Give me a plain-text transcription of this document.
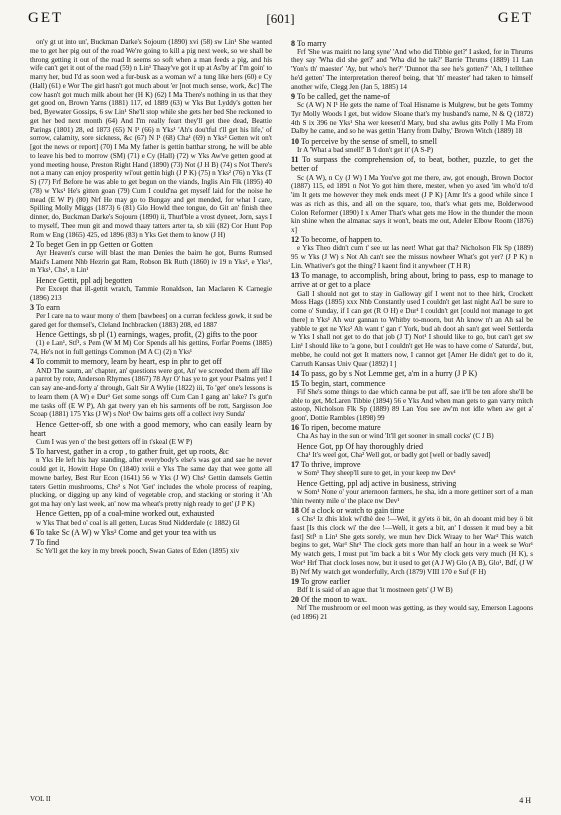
GET	[601]	GET

on'y gt ut into un', Buckman Darke's Sojourn (1890) xvi (58) sw Lin¹ She wanted me to get her pig out of the road We're going to kill a pig next week, so we shall be throng getting it out of the road It seems so soft when a man feeds a pig, and his wife can't get it out of the road (59) n Lin¹ Thaay've got it up at As'by at' I'm goin' to marry her, bud I'd as soon wed a fur-busk as a woman wi' a tung like hers (60) e Cy (Hall) (61) e Wor The girl hasn't got much about 'er [not much sense, work, &c] The cow hasn't got much milk about her (H K) (62) I Ma There's nothing in us that they get good on, Brown Yarns (1881) 117, ed 1889 (63) w Yks But Lyddy's gotten her bed, Byewater Gossips, 6 sw Lin¹ She'll stop while she gets her bed She reckoned to get her bed next month (64) And I'm really feart they'll get thee dead, Beattie Parings (1801) 28, ed 1873 (65) N I¹ (66) n Yks¹ 'Ah's dou'tful t'll get his life,' of sorrow, calamity, sore sickness, &c (67) N I¹ (68) Cha¹ (69) n Yks² Getten wit on't [got the news or report] (70) I Ma My father is gettin batthar strong, he will be able to leave his bed to morrow (SM) (71) e Cy (Hall) (72) w Yks Aw've getten good at yond meeting house, Preston Right Hand (1890) (73) Not (J H B) (74) s Not There's not a many can enjoy prosperity wi'out gettin high (J P K) (75) n Yks² (76) n Yks (T S) (77) Frf Before he was able to get begun on the viands, Inglis Ain Flk (1895) 40 (78) w Yks¹ He's gitten goan (79) Cum I could'na get myself laid for the noise he mead (E W P) (80) Nrf He may go to Bungay and get mended, for what I care, Spilling Molly Miggs (1873) 6 (81) Glo Howld thee tongue, do Git an' finish thee dinner, do, Buckman Darke's Sojourn (1890) ii, Thurl'ble a vrost dyneet, Jorn, says I to myself, Thee mun git and mowd thaay tatters arter ta, sb xiii (82) Cor Hunt Pop Rom w Eng (1865) 425, ed 1896 (83) n Yks Get them to know (J H)

2 To beget Gen in pp Getten or Gotten

Ayr Heaven's curse will blast the man Denies the bairn he got, Burns Rumsed Maid's Lament Nhb Hezrin gat Ram, Robson Bk Ruth (1860) iv 19 n Yks², e Yks¹, m Yks¹, Chs¹, n Lin¹

Hence Gettit, ppl adj begotten

Per Except that ill-gettit wratch, Tammie Ronaldson, Ian Maclaren K Carnegie (1896) 213

3 To earn

Per I care na to waur mony o' them [bawbees] on a curran feckless gowk, it sud be gared get for themsel's, Cleland Inchbracken (1883) 208, ed 1887

Hence Gettings, sb pl (1) earnings, wages, profit, (2) gifts to the poor

(1) e Lan¹, Stf¹, s Pem (W M M) Cor Spends all his gettins, Forfar Poems (1885) 74, He's not in full gettings Common (M A C) (2) n Yks¹

4 To commit to memory, learn by heart, esp in phr to get off

AND The saum, an' chapter, an' questions were got, An' we screeded them aff like a parrot by rote, Anderson Rhymes (1867) 78 Ayr O' has ye to get your Psalms yet! I can say ane-and-forty a' through, Galt Sir A Wylie (1822) iii, To 'get' one's lessons is to learn them (A W) e Dur¹ Get some songs off Cum Can I gang an' lake? I's gut'n me tasks off (E W P), Ah gat twery yan eh his sarments off be rott, Sargisson Joe Scoap (1881) 175 Yks (J W) s Not¹ Ow bairns gets off a collect ivry Sunda'

Hence Getter-off, sb one with a good memory, who can easily learn by heart

Cum I was yen o' the best getters off in t'skeal (E W P)

5 To harvest, gather in a crop , to gather fruit, get up roots, &c

n Yks He left his hay standing, after everybody's else's was got and sae he never could get it, Howitt Hope On (1840) xviii e Yks The same day that wee gotte all mowne barley, Best Rur Econ (1641) 56 w Yks (J W) Chs¹ Gettin damsels Gettin taters Gettin mushrooms, Chs³ s Not 'Get' includes the whole process of reaping, plucking, or digging up any kind of vegetable crop, and stacking or storing it 'Ah got ma hay on'y last week, an' now ma wheat's pretty nigh ready to get' (J P K)

Hence Getten, pp of a coal-mine worked out, exhausted

w Yks That bed o' coal is all getten, Lucas Stud Nidderdale (c 1882) Gl

6 To take Sc (A W) w Yks² Come and get your tea with us

7 To find

Sc Ye'll get the key in my breek pooch, Swan Gates of Eden (1895) xiv

8 To marry

Frf 'She was mairit no lang syne' 'And who did Tibbie get?' I asked, for in Thrums they say 'Wha did she get?' and 'Wha did he tak?' Barrie Thrums (1889) 11 Lan 'Yon's th' maester' 'Ay, but who's her?' 'Dunnot tha see he's gotten?' 'Ah, I telltthee he'd getten' The interpretation thereof being, that 'th' measter' had taken to himself another wife, Clegg Jen (Jan 5, 1885) 14

9 To be called, get the name-of

Sc (A W) N I¹ He gets the name of Toal Hisname is Mulgrew, but he gets Tommy Tyr Molly Woods I get, but widow Sloane that's my husband's name, N & Q (1872) 4th S ix 396 ne Yks¹ Sha wer keesen'd Mary, bud sha awlus gits Polly I Ma From Dalby he came, and so he was gettin 'Harry from Dalby,' Brown Witch (1889) 18

10 To perceive by the sense of smell, to smell

Ir A 'What a bad smell!' B 'I don't get it' (A S-P)

11 To surpass the comprehension of, to beat, bother, puzzle, to get the better of

Sc (A W), n Cy (J W) I Ma You've got me there, aw, got enough, Brown Doctor (1887) 115, ed 1891 n Not Yo got him there, mester, when yo axed 'im who'd to'd 'im It gets me however they mek ends meet (J P K) [Amr It's a good while since I was as rich as this, and all on the square, too, that's what gets me, Bolderwood Colon Reformer (1890) I x Amer That's what gets me How in the thunder the moon kin shine when the almanac says it won't, beats me out, Adeler Elbow Room (1876) x]

12 To become, of happen to.

e Yks Theo didn't cum t' see uz las neet! What gat tha? Nicholson Flk Sp (1889) 95 w Yks (J W) s Not Ah can't see the missus nowheer What's got yer? (J P K) n Lin. Whativer's got the thing? I kaent find it anywheer (T H R)

13 To manage, to accomplish, bring about, bring to pass, esp to manage to arrive at or get to a place

Gall I should not get to stay in Galloway gif I went not to thee hirk, Crockett Moss Hags (1895) xxx Nhb Constantly used I couldn't get last night Aa'l be sure to come o' Sunday, if I can get (R O H) e Dur¹ I couldn't get [could not manage to get there] n Yks¹ Ah wur gannan to Whitby to-moorn, but Ah know n't an Ah sal be yabble te get ne Yks² Ah want t' gan t' York, bud ah doot ah san't get weel Settlerda w Yks I shall not get to do that job (J T) Not¹ I should like to go, but can't get sw Lin¹ I should like to 'a gone, but I couldn't get He was to have come o' Saturda', but, mebbe, he could not get It matters now, I cannot get [Amer He didn't get to do it, Carruth Kansas Univ Quar (1892) I ]

14 To pass, go by s Not Lemme get, a'm in a hurry (J P K)

15 To begin, start, commence

Fif She's some things to dae which canna be put aff, sae it'll be ten afore she'll be able to get, McLaren Tibbie (1894) 56 e Yks And when man gets to gan varry mitch astoop, Nicholson Flk Sp (1889) 89 Lan You see aw'm not idle when aw get a' goon', Dottie Rambles (1898) 99

16 To ripen, become mature

Cha As hay in the sun or wind 'It'll get sooner in small cocks' (C J B)

Hence Got, pp Of hay thoroughly dried

Cha¹ It's weel got, Cha² Well got, or badly got [well or badly saved]

17 To thrive, improve

w Som¹ They sheep'll sure to get, in your keep nw Dev¹

Hence Getting, ppl adj active in business, striving

w Som¹ None o' your arternoon farmers, he sha, idn a more gettiner sort of a man 'thin twenty mile o' the place nw Dev¹

18 Of a clock or watch to gain time

s Chs¹ Iz dhis klok wi'dhè dee !—Wel, it gy'ets ö bit, ön ah dooant mid bey ö bit faast [Is this clock wi' the dee !—Well, it gets a bit, an' I dossen it mud bey a bit fast] Stf¹ n Lin¹ She gets sorely, we mun hev Dick Wraay to her War² This watch begins to get, War³ Shr¹ The clock gets more than half an hour in a week se Wor¹ My watch gets, I must put 'im back a bit s Wor My clock gets very much (H K), s Wor¹ Hrf That clock loses now, but it used to get (A J W) Glo (A B), Glo¹, Bdf, (J W B) Nrf My watch get wonderfully, Arch (1879) VIII 170 e Suf (F H)

19 To grow earlier

Bdf It is said of an ague that 'it mostneen gets' (J W B)

20 Of the moon to wax.

Nrf The mushroom or eel moon was getting, as they would say, Emerson Lagoons (ed 1896) 21

VOL II	4 H
